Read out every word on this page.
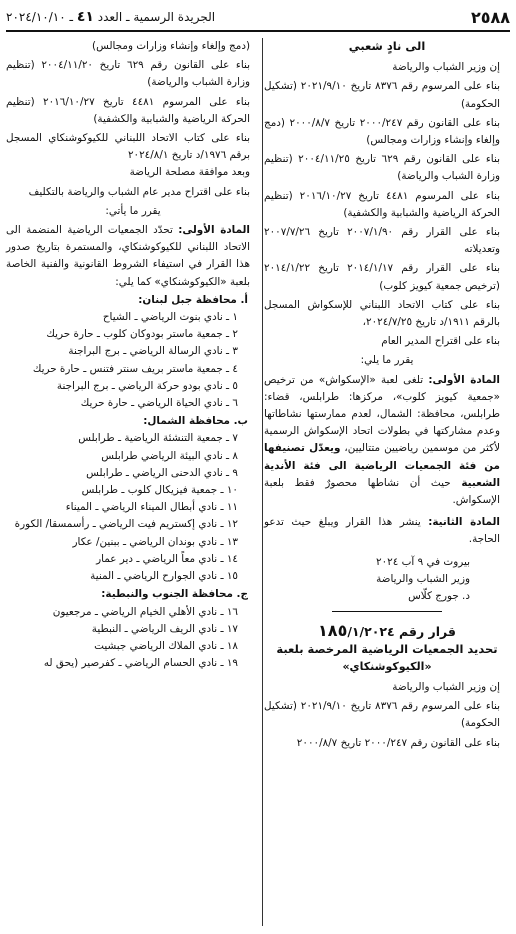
٢٥٨٨
الجريدة الرسمية ـ العدد ٤١ ـ ٢٠٢٤/١٠/١٠

الى نادٍ شعبي

إن وزير الشباب والرياضة

بناء على المرسوم رقم ٨٣٧٦ تاريخ ٢٠٢١/٩/١٠ (تشكيل الحكومة)

بناء على القانون رقم ٢٠٠٠/٢٤٧ تاريخ ٢٠٠٠/٨/٧ (دمج وإلغاء وإنشاء وزارات ومجالس)

بناء على القانون رقم ٦٢٩ تاريخ ٢٠٠٤/١١/٢٥ (تنظيم وزارة الشباب والرياضة)

بناء على المرسوم ٤٤٨١ تاريخ ٢٠١٦/١٠/٢٧ (تنظيم الحركة الرياضية والشبابية والكشفية)

بناء على القرار رقم ٢٠٠٧/١/٩٠ تاريخ ٢٠٠٧/٧/٢٦ وتعديلاته

بناء على القرار رقم ٢٠١٤/١/١٧ تاريخ ٢٠١٤/١/٢٢ (ترخيص جمعية كيويز كلوب)

بناء على كتاب الاتحاد اللبناني للإسكواش المسجل بالرقم ١٩١١/د تاريخ ٢٠٢٤/٧/٢٥،

بناء على اقتراح المدير العام

يقرر ما يلي:

المادة الأولى: تلغى لعبة «الإسكواش» من ترخيص «جمعية كيويز كلوب»، مركزها: طرابلس، قضاء: طرابلس، محافظة: الشمال، لعدم ممارستها نشاطاتها وعدم مشاركتها في بطولات اتحاد الإسكواش الرسمية لأكثر من موسمين رياضيين متتاليين، ويعدّل تصنيفها من فئة الجمعيات الرياضية الى فئة الأندية الشعبية حيث أن نشاطها محصورٌ فقط بلعبة الإسكواش.

المادة الثانية: ينشر هذا القرار ويبلغ حيث تدعو الحاجة.

بيروت في ٩ آب ٢٠٢٤

وزير الشباب والرياضة

د. جورج كلّاس

قرار رقم ١٨٥/١/٢٠٢٤

تحديد الجمعيات الرياضية المرخصة بلعبة

«الكيوكوشنكاي»

إن وزير الشباب والرياضة

بناء على المرسوم رقم ٨٣٧٦ تاريخ ٢٠٢١/٩/١٠ (تشكيل الحكومة)

بناء على القانون رقم ٢٠٠٠/٢٤٧ تاريخ ٢٠٠٠/٨/٧

(دمج وإلغاء وإنشاء وزارات ومجالس)

بناء على القانون رقم ٦٢٩ تاريخ ٢٠٠٤/١١/٢٠ (تنظيم وزارة الشباب والرياضة)

بناء على المرسوم ٤٤٨١ تاريخ ٢٠١٦/١٠/٢٧ (تنظيم الحركة الرياضية والشبابية والكشفية)

بناء على كتاب الاتحاد اللبناني للكيوكوشنكاي المسجل برقم ١٩٧٦/د تاريخ ٢٠٢٤/٨/١

وبعد موافقة مصلحة الرياضة

بناء على اقتراح مدير عام الشباب والرياضة بالتكليف

يقرر ما يأتي:

المادة الأولى: تحدّد الجمعيات الرياضية المنضمة الى الاتحاد اللبناني للكيوكوشنكاي، والمستمرة بتاريخ صدور هذا القرار في استيفاء الشروط القانونية والفنية الخاصة بلعبة «الكيوكوشنكاي» كما يلي:

أ. محافظة جبل لبنان:

١ ـ نادي بنوت الرياضي ـ الشياح

٢ ـ جمعية ماستر بودوكان كلوب ـ حارة حريك

٣ ـ نادي الرسالة الرياضي ـ برج البراجنة

٤ ـ جمعية ماستر بريف سنتر فتنس ـ حارة حريك

٥ ـ نادي بودو حركة الرياضي ـ برج البراجنة

٦ ـ نادي الحياة الرياضي ـ حارة حريك

ب. محافظة الشمال:

٧ ـ جمعية التنشئة الرياضية ـ طرابلس

٨ ـ نادي البيئة الرياضي طرابلس

٩ ـ نادي الدحنى الرياضي ـ طرابلس

١٠ ـ جمعية فيزيكال كلوب ـ طرابلس

١١ ـ نادي أبطال الميناء الرياضي ـ الميناء

١٢ ـ نادي إكستريم فيت الرياضي ـ رأسمسقا/ الكورة

١٣ ـ نادي بوندان الرياضي ـ ببنين/ عكار

١٤ ـ نادي معاً الرياضي ـ دير عمار

١٥ ـ نادي الجوارح الرياضي ـ المنية

ج. محافظة الجنوب والنبطية:

١٦ ـ نادي الأهلي الخيام الرياضي ـ مرجعيون

١٧ ـ نادي الريف الرياضي ـ النبطية

١٨ ـ نادي الملاك الرياضي جبشيت

١٩ ـ نادي الحسام الرياضي ـ كفرصير (يحق له
